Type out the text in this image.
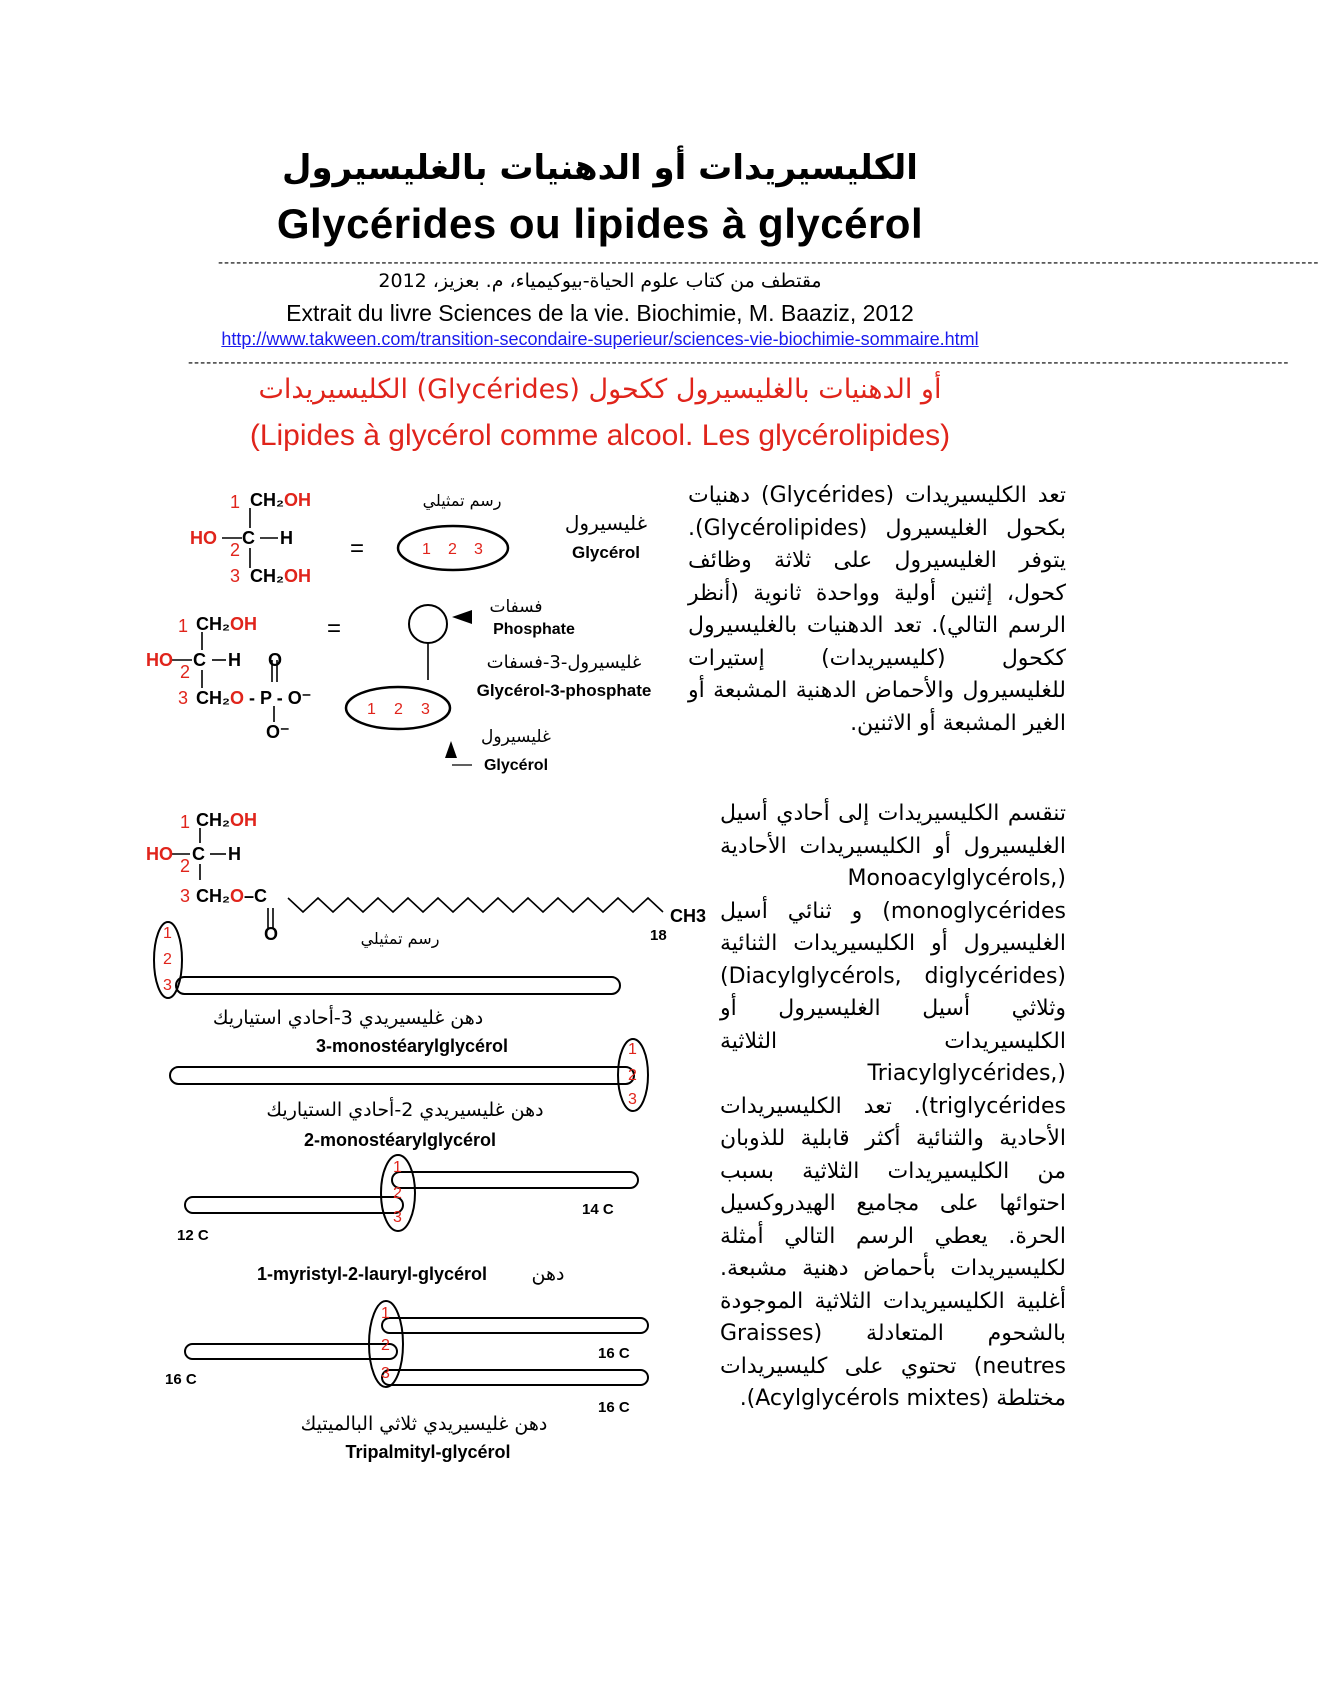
الكليسيريدات أو الدهنيات بالغليسيرول
Glycérides ou lipides à glycérol
--------------------------------------------------------------------------------------------------------------------------------------------------------------------------------------
مقتطف من كتاب علوم الحياة-بيوكيمياء، م. بعزيز، 2012
Extrait du livre Sciences de la vie. Biochimie, M. Baaziz, 2012
http://www.takween.com/transition-secondaire-superieur/sciences-vie-biochimie-sommaire.html
--------------------------------------------------------------------------------------------------------------------------------------------------------------------------------------
الكليسيريدات (Glycérides) أو الدهنيات بالغليسيرول ككحول
(Lipides à glycérol comme alcool. Les glycérolipides)
تعد الكليسيريدات (Glycérides) دهنيات بكحول الغليسيرول (Glycérolipides). يتوفر الغليسيرول على ثلاثة وظائف كحول، إثنين أولية وواحدة ثانوية (أنظر الرسم التالي). تعد الدهنيات بالغليسيرول ككحول (كليسيريدات) إستيرات للغليسيرول والأحماض الدهنية المشبعة أو الغير المشبعة أو الاثنين.
تنقسم الكليسيريدات إلى أحادي أسيل الغليسيرول أو الكليسيريدات الأحادية (Monoacylglycérols, monoglycérides) و ثنائي أسيل الغليسيرول أو الكليسيريدات الثنائية (Diacylglycérols, diglycérides) وثلاثي أسيل الغليسيرول أو الكليسيريدات الثلاثية (Triacylglycérides, triglycérides). تعد الكليسيريدات الأحادية والثنائية أكثر قابلية للذوبان من الكليسيريدات الثلاثية بسبب احتوائها على مجاميع الهيدروكسيل الحرة. يعطي الرسم التالي أمثلة لكليسيريدات بأحماض دهنية مشبعة. أغلبية الكليسيريدات الثلاثية الموجودة بالشحوم المتعادلة (Graisses neutres) تحتوي على كليسيريدات مختلطة (Acylglycérols mixtes).
CH₂OH
HO C H
CH₂OH
1
2
3
=	1 2 3
رسم تمثيلي
غليسيرول
Glycérol
CH₂OH
HO C H O
CH₂O - P - O⁻
O⁻
1
2
3
=
1 2 3
فسفات
Phosphate
غليسيرول-3-فسفات
Glycérol-3-phosphate
غليسيرول
Glycérol
CH₂OH
HO C H
CH₂O–C
O
1
2
3
CH3
18
رسم تمثيلي
1
2
3
دهن غليسيريدي 3-أحادي استياريك
3-monostéarylglycérol	1
2
3
دهن غليسيريدي 2-أحادي الستياريك
2-monostéarylglycérol
1
2
3	14 C
12 C
1-myristyl-2-lauryl-glycérol دهن
1
2
3
16 C
16 C
16 C
دهن غليسيريدي ثلاثي البالميتيك
Tripalmityl-glycérol
